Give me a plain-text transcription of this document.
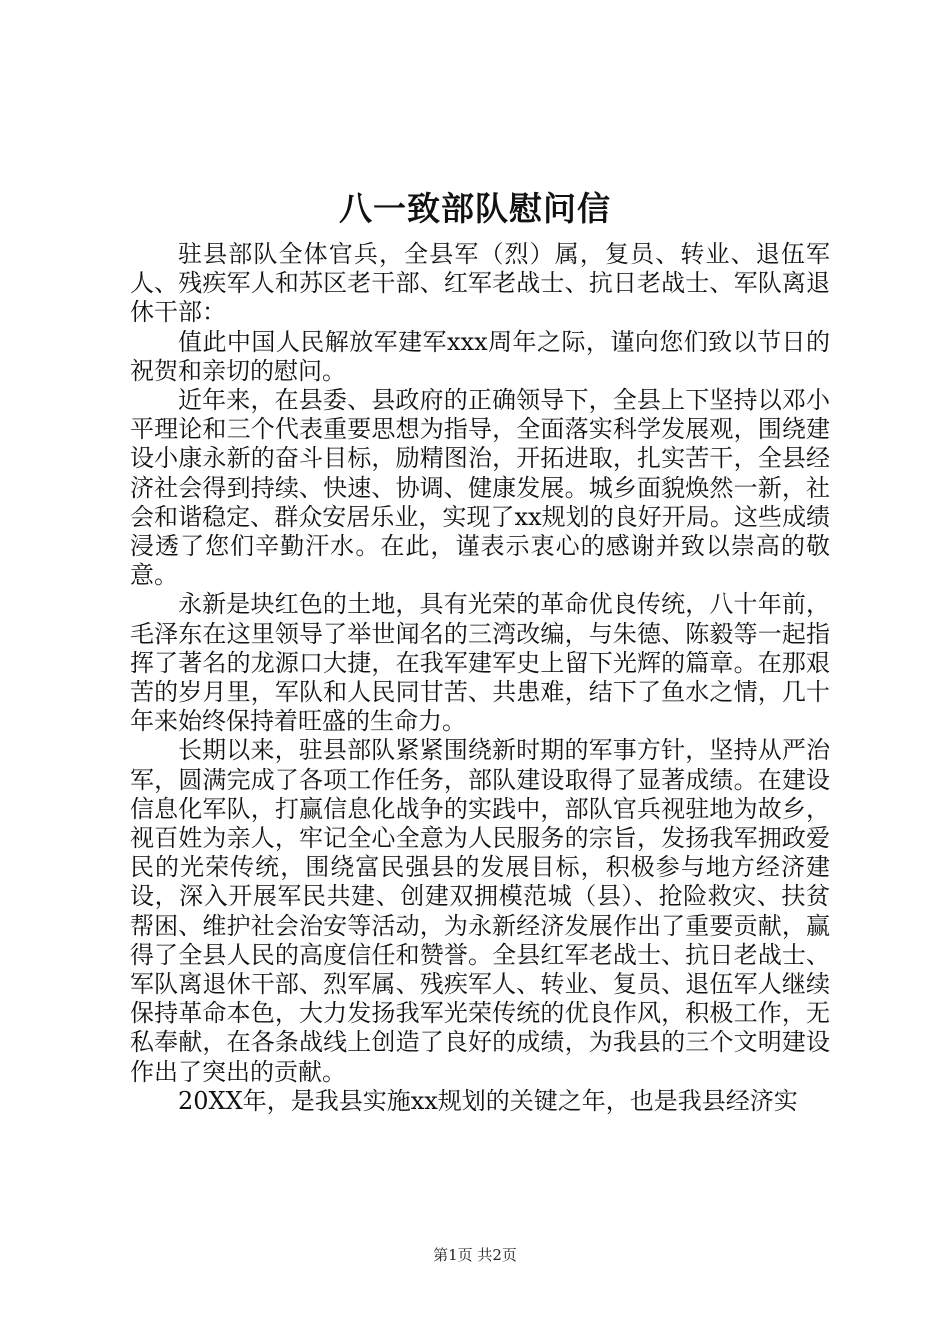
八一致部队慰问信

驻县部队全体官兵，全县军（烈）属，复员、转业、退伍军人、残疾军人和苏区老干部、红军老战士、抗日老战士、军队离退休干部：

值此中国人民解放军建军xxx周年之际，谨向您们致以节日的祝贺和亲切的慰问。

近年来，在县委、县政府的正确领导下，全县上下坚持以邓小平理论和三个代表重要思想为指导，全面落实科学发展观，围绕建设小康永新的奋斗目标，励精图治，开拓进取，扎实苦干，全县经济社会得到持续、快速、协调、健康发展。城乡面貌焕然一新，社会和谐稳定、群众安居乐业，实现了xx规划的良好开局。这些成绩浸透了您们辛勤汗水。在此，谨表示衷心的感谢并致以崇高的敬意。

永新是块红色的土地，具有光荣的革命优良传统，八十年前，毛泽东在这里领导了举世闻名的三湾改编，与朱德、陈毅等一起指挥了著名的龙源口大捷，在我军建军史上留下光辉的篇章。在那艰苦的岁月里，军队和人民同甘苦、共患难，结下了鱼水之情，几十年来始终保持着旺盛的生命力。

长期以来，驻县部队紧紧围绕新时期的军事方针，坚持从严治军，圆满完成了各项工作任务，部队建设取得了显著成绩。在建设信息化军队，打赢信息化战争的实践中，部队官兵视驻地为故乡，视百姓为亲人，牢记全心全意为人民服务的宗旨，发扬我军拥政爱民的光荣传统，围绕富民强县的发展目标，积极参与地方经济建设，深入开展军民共建、创建双拥模范城（县）、抢险救灾、扶贫帮困、维护社会治安等活动，为永新经济发展作出了重要贡献，赢得了全县人民的高度信任和赞誉。全县红军老战士、抗日老战士、军队离退休干部、烈军属、残疾军人、转业、复员、退伍军人继续保持革命本色，大力发扬我军光荣传统的优良作风，积极工作，无私奉献，在各条战线上创造了良好的成绩，为我县的三个文明建设作出了突出的贡献。

20XX年，是我县实施xx规划的关键之年，也是我县经济实

第1页 共2页
